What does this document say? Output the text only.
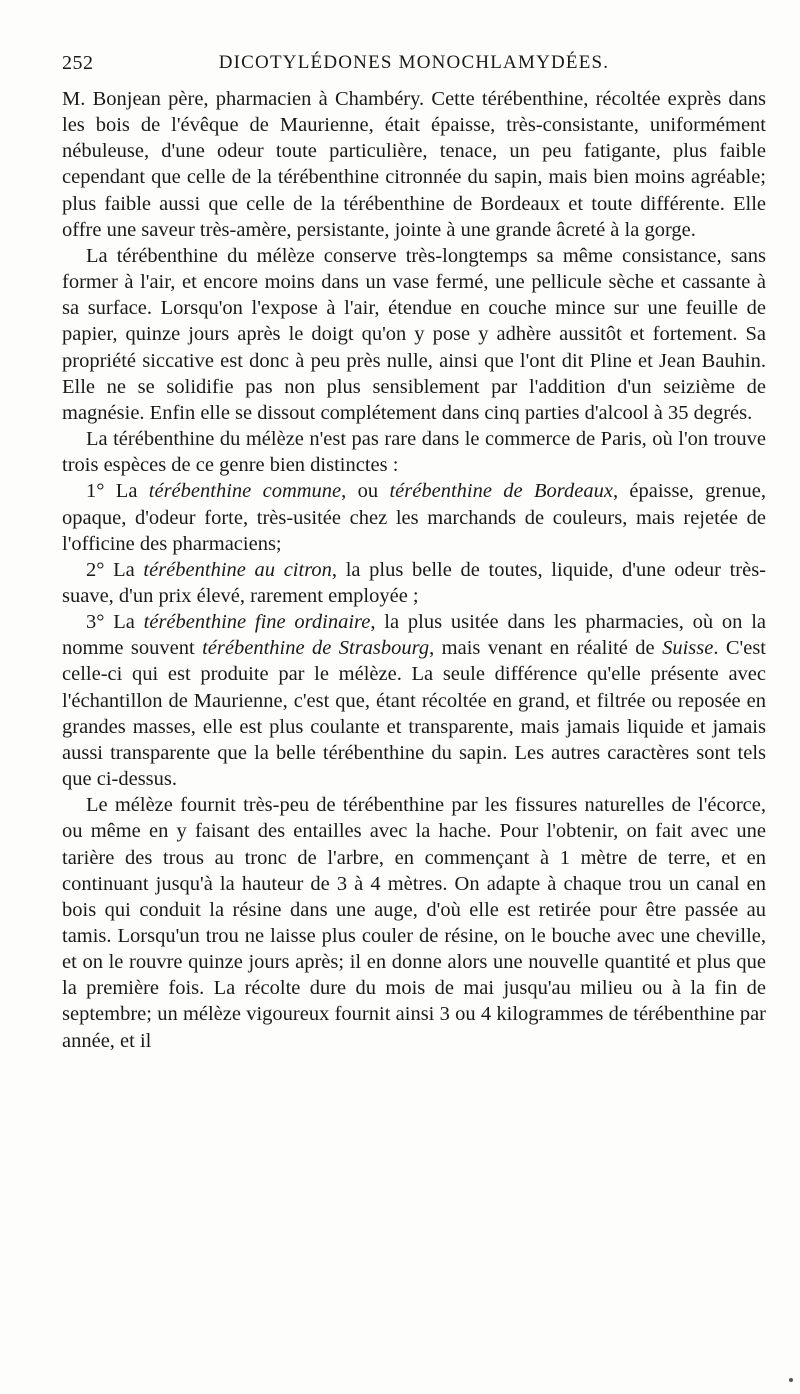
252	DICOTYLÉDONES MONOCHLAMYDÉES.

M. Bonjean père, pharmacien à Chambéry. Cette térébenthine, récoltée exprès dans les bois de l'évêque de Maurienne, était épaisse, très-consistante, uniformément nébuleuse, d'une odeur toute particulière, tenace, un peu fatigante, plus faible cependant que celle de la térébenthine citronnée du sapin, mais bien moins agréable; plus faible aussi que celle de la térébenthine de Bordeaux et toute différente. Elle offre une saveur très-amère, persistante, jointe à une grande âcreté à la gorge.

La térébenthine du mélèze conserve très-longtemps sa même consistance, sans former à l'air, et encore moins dans un vase fermé, une pellicule sèche et cassante à sa surface. Lorsqu'on l'expose à l'air, étendue en couche mince sur une feuille de papier, quinze jours après le doigt qu'on y pose y adhère aussitôt et fortement. Sa propriété siccative est donc à peu près nulle, ainsi que l'ont dit Pline et Jean Bauhin. Elle ne se solidifie pas non plus sensiblement par l'addition d'un seizième de magnésie. Enfin elle se dissout complétement dans cinq parties d'alcool à 35 degrés.

La térébenthine du mélèze n'est pas rare dans le commerce de Paris, où l'on trouve trois espèces de ce genre bien distinctes :

1° La térébenthine commune, ou térébenthine de Bordeaux, épaisse, grenue, opaque, d'odeur forte, très-usitée chez les marchands de couleurs, mais rejetée de l'officine des pharmaciens;

2° La térébenthine au citron, la plus belle de toutes, liquide, d'une odeur très-suave, d'un prix élevé, rarement employée ;

3° La térébenthine fine ordinaire, la plus usitée dans les pharmacies, où on la nomme souvent térébenthine de Strasbourg, mais venant en réalité de Suisse. C'est celle-ci qui est produite par le mélèze. La seule différence qu'elle présente avec l'échantillon de Maurienne, c'est que, étant récoltée en grand, et filtrée ou reposée en grandes masses, elle est plus coulante et transparente, mais jamais liquide et jamais aussi transparente que la belle térébenthine du sapin. Les autres caractères sont tels que ci-dessus.

Le mélèze fournit très-peu de térébenthine par les fissures naturelles de l'écorce, ou même en y faisant des entailles avec la hache. Pour l'obtenir, on fait avec une tarière des trous au tronc de l'arbre, en commençant à 1 mètre de terre, et en continuant jusqu'à la hauteur de 3 à 4 mètres. On adapte à chaque trou un canal en bois qui conduit la résine dans une auge, d'où elle est retirée pour être passée au tamis. Lorsqu'un trou ne laisse plus couler de résine, on le bouche avec une cheville, et on le rouvre quinze jours après; il en donne alors une nouvelle quantité et plus que la première fois. La récolte dure du mois de mai jusqu'au milieu ou à la fin de septembre; un mélèze vigoureux fournit ainsi 3 ou 4 kilogrammes de térébenthine par année, et il
